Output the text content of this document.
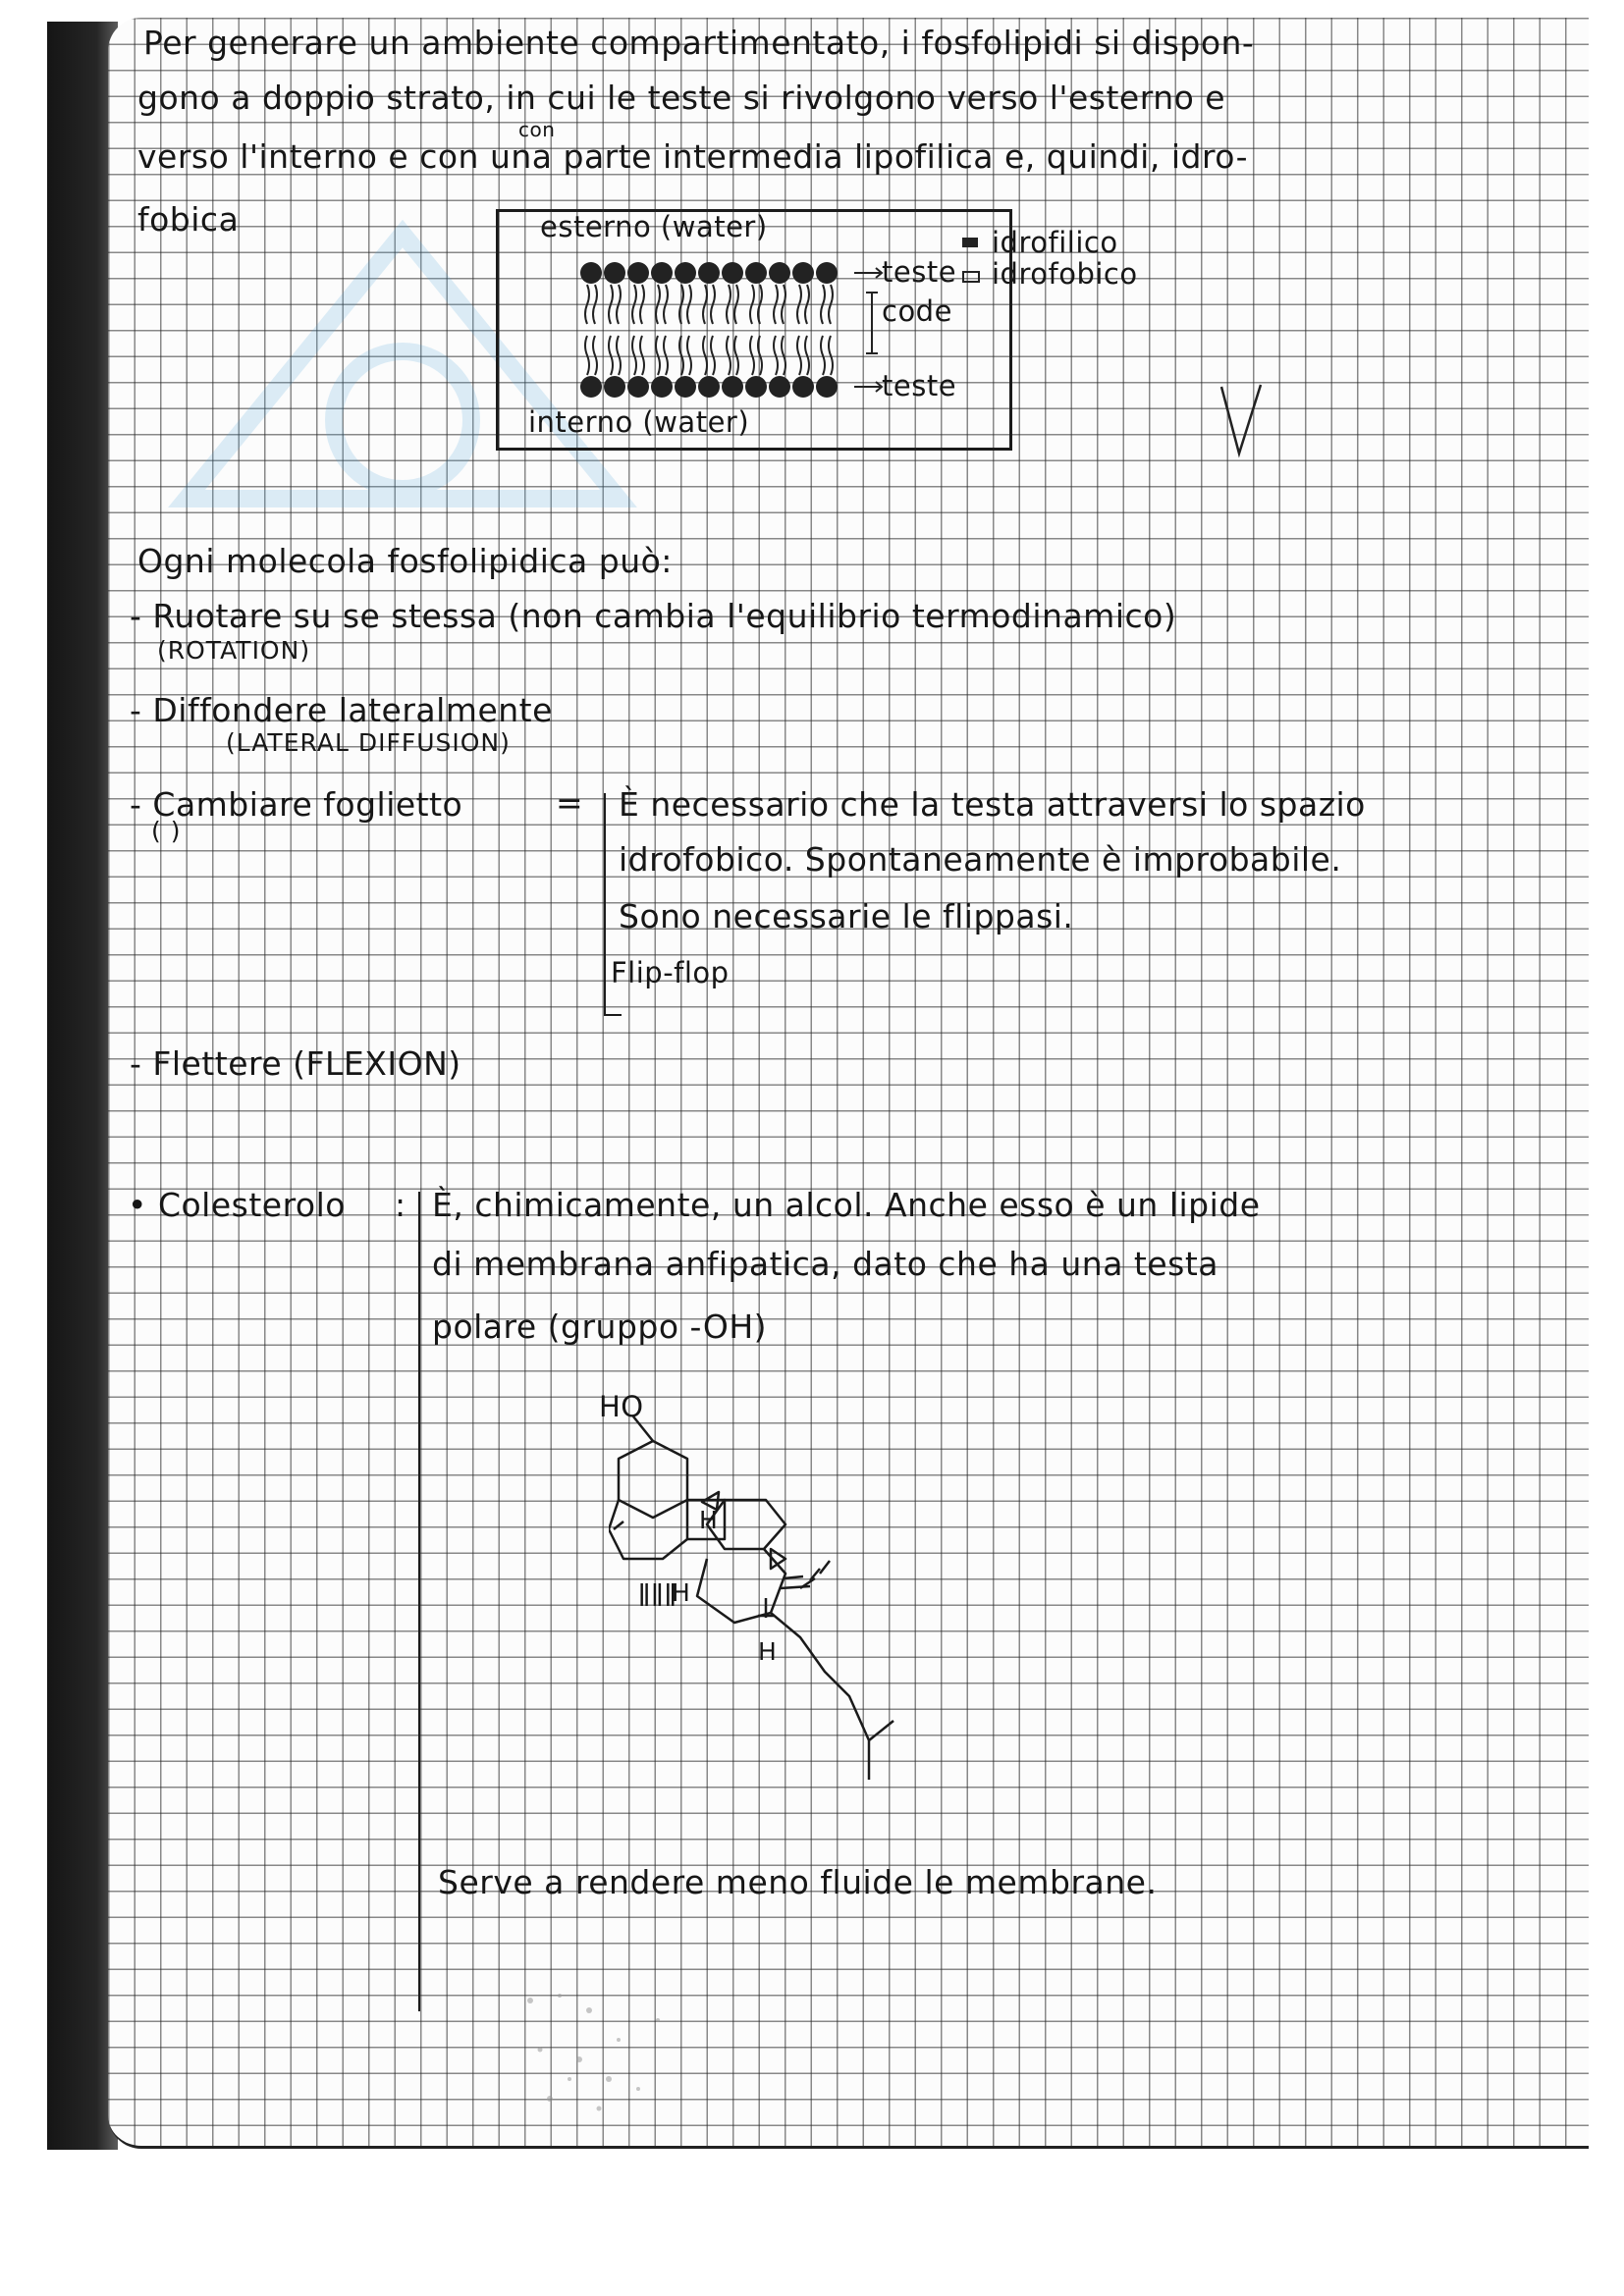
Per generare un ambiente compartimentato, i fosfolipidi si dispon-
gono a doppio strato, in cui le teste si rivolgono verso l'esterno e
con
verso l'interno e con una parte intermedia lipofilica e, quindi, idro-
fobica	esterno (water)
teste
code
teste
interno (water)
idrofilico
idrofobico
Ogni molecola fosfolipidica può:
- Ruotare su se stessa (non cambia l'equilibrio termodinamico)
(ROTATION)
- Diffondere lateralmente
(LATERAL DIFFUSION)
- Cambiare foglietto
( )
= È necessario che la testa attraversi lo spazio
idrofobico. Spontaneamente è improbabile.
Sono necessarie le flippasi.
Flip-flop
- Flettere (FLEXION)
• Colesterolo : È, chimicamente, un alcol. Anche esso è un lipide
di membrana anfipatica, dato che ha una testa
polare (gruppo -OH)
HO
H
ǁǁǁ
H
H
Serve a rendere meno fluide le membrane.
